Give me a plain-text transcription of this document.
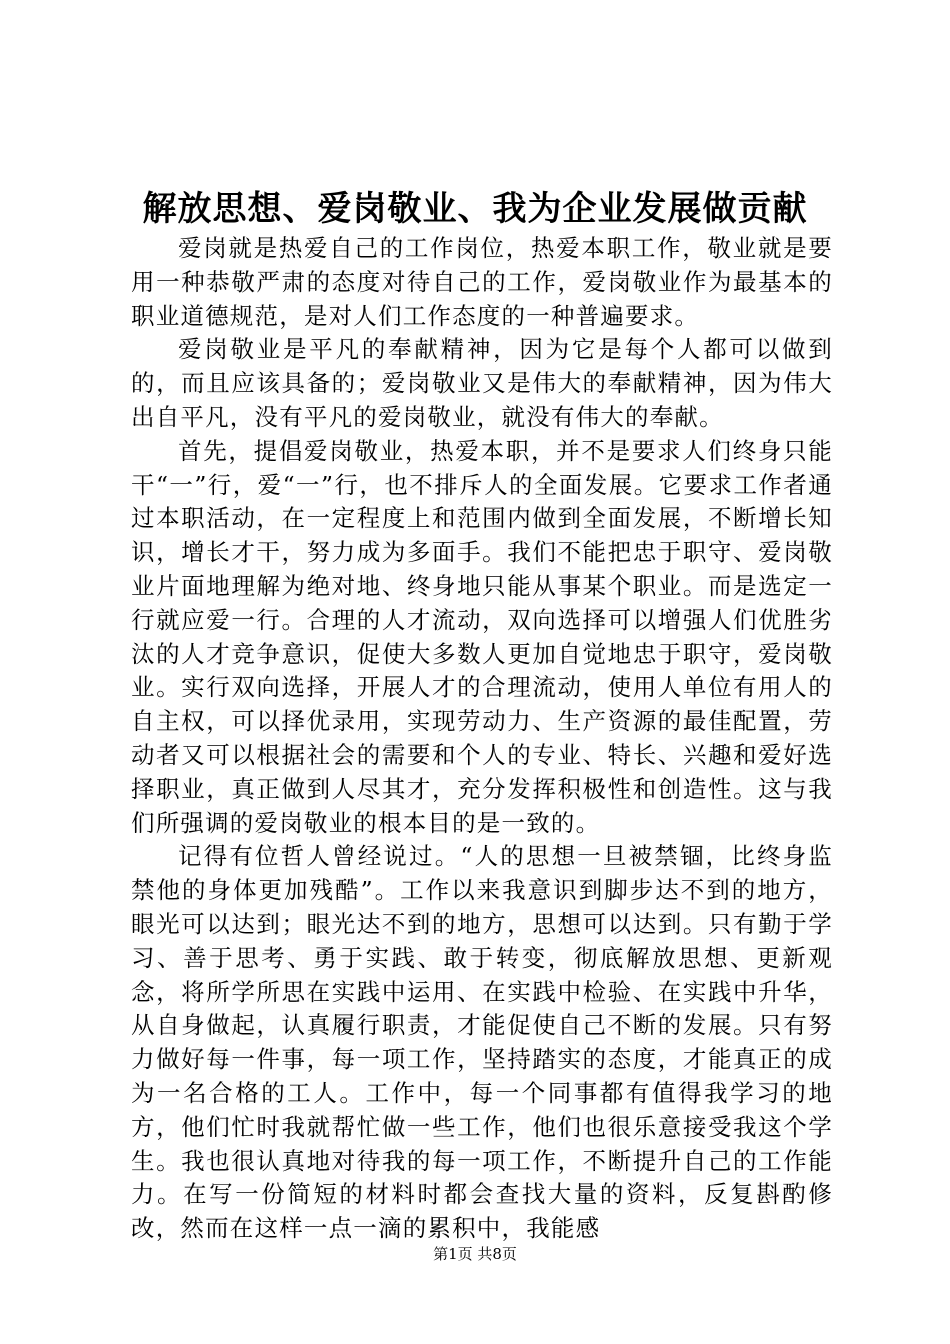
解放思想、爱岗敬业、我为企业发展做贡献

爱岗就是热爱自己的工作岗位，热爱本职工作，敬业就是要用一种恭敬严肃的态度对待自己的工作，爱岗敬业作为最基本的职业道德规范，是对人们工作态度的一种普遍要求。

爱岗敬业是平凡的奉献精神，因为它是每个人都可以做到的，而且应该具备的；爱岗敬业又是伟大的奉献精神，因为伟大出自平凡，没有平凡的爱岗敬业，就没有伟大的奉献。

首先，提倡爱岗敬业，热爱本职，并不是要求人们终身只能干“一”行，爱“一”行，也不排斥人的全面发展。它要求工作者通过本职活动，在一定程度上和范围内做到全面发展，不断增长知识，增长才干，努力成为多面手。我们不能把忠于职守、爱岗敬业片面地理解为绝对地、终身地只能从事某个职业。而是选定一行就应爱一行。合理的人才流动，双向选择可以增强人们优胜劣汰的人才竞争意识，促使大多数人更加自觉地忠于职守，爱岗敬业。实行双向选择，开展人才的合理流动，使用人单位有用人的自主权，可以择优录用，实现劳动力、生产资源的最佳配置，劳动者又可以根据社会的需要和个人的专业、特长、兴趣和爱好选择职业，真正做到人尽其才，充分发挥积极性和创造性。这与我们所强调的爱岗敬业的根本目的是一致的。

记得有位哲人曾经说过。“人的思想一旦被禁锢，比终身监禁他的身体更加残酷”。工作以来我意识到脚步达不到的地方，眼光可以达到；眼光达不到的地方，思想可以达到。只有勤于学习、善于思考、勇于实践、敢于转变，彻底解放思想、更新观念，将所学所思在实践中运用、在实践中检验、在实践中升华，从自身做起，认真履行职责，才能促使自己不断的发展。只有努力做好每一件事，每一项工作，坚持踏实的态度，才能真正的成为一名合格的工人。工作中，每一个同事都有值得我学习的地方，他们忙时我就帮忙做一些工作，他们也很乐意接受我这个学生。我也很认真地对待我的每一项工作，不断提升自己的工作能力。在写一份简短的材料时都会查找大量的资料，反复斟酌修改，然而在这样一点一滴的累积中，我能感

第1页 共8页
